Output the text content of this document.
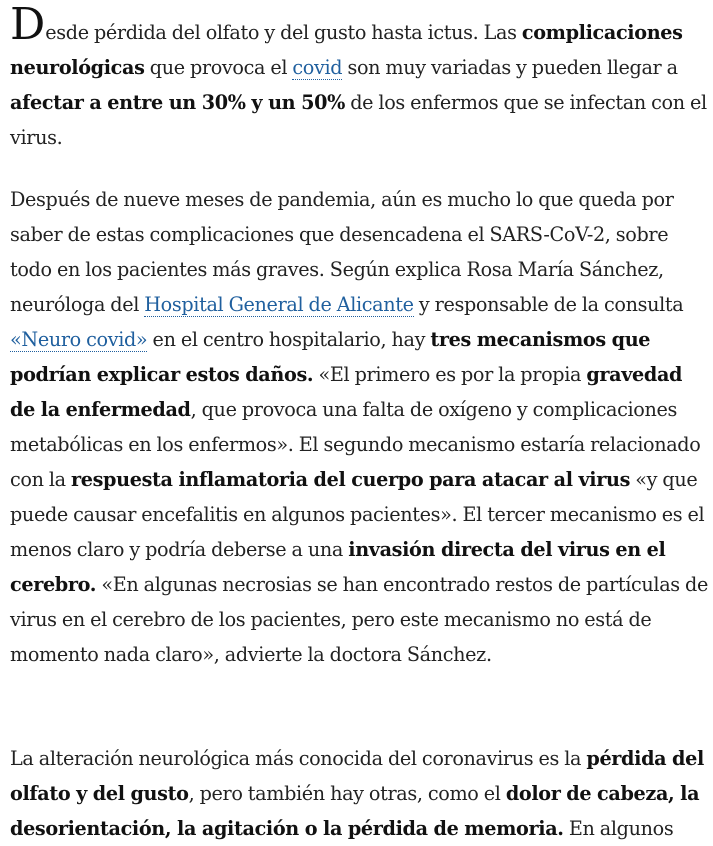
Desde pérdida del olfato y del gusto hasta ictus. Las complicaciones neurológicas que provoca el covid son muy variadas y pueden llegar a afectar a entre un 30% y un 50% de los enfermos que se infectan con el virus.

Después de nueve meses de pandemia, aún es mucho lo que queda por saber de estas complicaciones que desencadena el SARS-CoV-2, sobre todo en los pacientes más graves. Según explica Rosa María Sánchez, neuróloga del Hospital General de Alicante y responsable de la consulta «Neuro covid» en el centro hospitalario, hay tres mecanismos que podrían explicar estos daños. «El primero es por la propia gravedad de la enfermedad, que provoca una falta de oxígeno y complicaciones metabólicas en los enfermos». El segundo mecanismo estaría relacionado con la respuesta inflamatoria del cuerpo para atacar al virus «y que puede causar encefalitis en algunos pacientes». El tercer mecanismo es el menos claro y podría deberse a una invasión directa del virus en el cerebro. «En algunas necrosias se han encontrado restos de partículas de virus en el cerebro de los pacientes, pero este mecanismo no está de momento nada claro», advierte la doctora Sánchez.

La alteración neurológica más conocida del coronavirus es la pérdida del olfato y del gusto, pero también hay otras, como el dolor de cabeza, la desorientación, la agitación o la pérdida de memoria. En algunos
